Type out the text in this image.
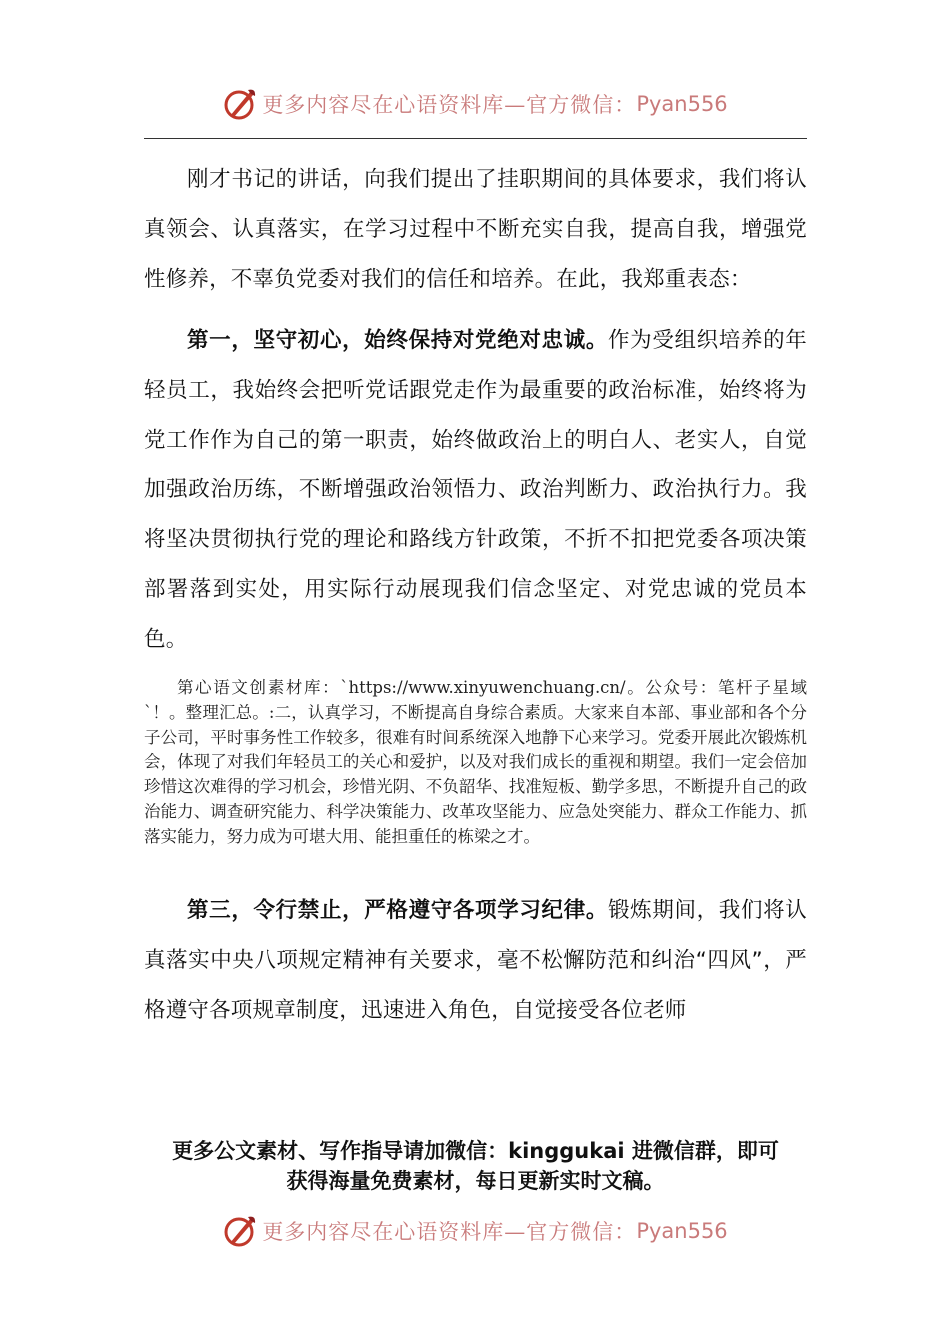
更多内容尽在心语资料库—官方微信： Pyan556

刚才书记的讲话，向我们提出了挂职期间的具体要求，我们将认真领会、认真落实，在学习过程中不断充实自我，提高自我，增强党性修养，不辜负党委对我们的信任和培养。在此，我郑重表态：

第一，坚守初心，始终保持对党绝对忠诚。作为受组织培养的年轻员工，我始终会把听党话跟党走作为最重要的政治标准，始终将为党工作作为自己的第一职责，始终做政治上的明白人、老实人，自觉加强政治历练，不断增强政治领悟力、政治判断力、政治执行力。我将坚决贯彻执行党的理论和路线方针政策，不折不扣把党委各项决策部署落到实处，用实际行动展现我们信念坚定、对党忠诚的党员本色。

第心语文创素材库：`https://www.xinyuwenchuang.cn/。公众号：笔杆子星域`！。整理汇总。:二，认真学习，不断提高自身综合素质。大家来自本部、事业部和各个分子公司，平时事务性工作较多，很难有时间系统深入地静下心来学习。党委开展此次锻炼机会，体现了对我们年轻员工的关心和爱护，以及对我们成长的重视和期望。我们一定会倍加珍惜这次难得的学习机会，珍惜光阴、不负韶华、找准短板、勤学多思，不断提升自己的政治能力、调查研究能力、科学决策能力、改革攻坚能力、应急处突能力、群众工作能力、抓落实能力，努力成为可堪大用、能担重任的栋梁之才。

第三，令行禁止，严格遵守各项学习纪律。锻炼期间，我们将认真落实中央八项规定精神有关要求，毫不松懈防范和纠治“四风”，严格遵守各项规章制度，迅速进入角色，自觉接受各位老师

更多公文素材、写作指导请加微信：kinggukai 进微信群，即可
获得海量免费素材，每日更新实时文稿。
更多内容尽在心语资料库—官方微信： Pyan556
